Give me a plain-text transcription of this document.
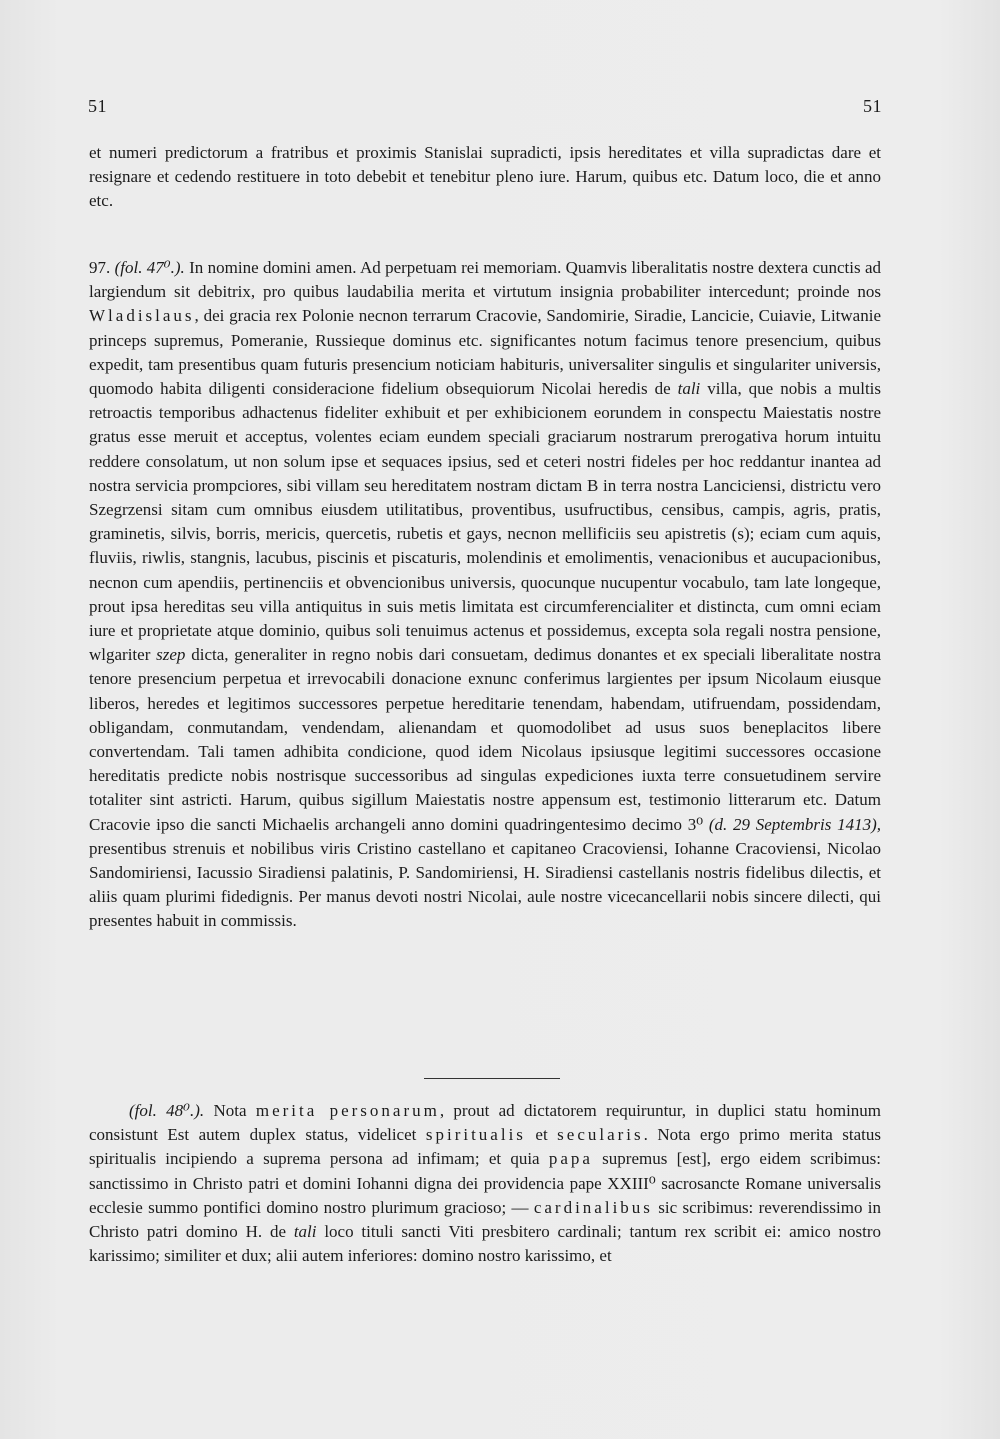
51	51

et numeri predictorum a fratribus et proximis Stanislai supradicti, ipsis hereditates et villa supradictas dare et resignare et cedendo restituere in toto debebit et tenebitur pleno iure. Harum, quibus etc. Datum loco, die et anno etc.

97. (fol. 47⁰.). In nomine domini amen. Ad perpetuam rei memoriam. Quamvis liberalitatis nostre dextera cunctis ad largiendum sit debitrix, pro quibus laudabilia merita et virtutum insignia probabiliter intercedunt; proinde nos Wladislaus, dei gracia rex Polonie necnon terrarum Cracovie, Sandomirie, Siradie, Lancicie, Cuiavie, Litwanie princeps supremus, Pomeranie, Russieque dominus etc. significantes notum facimus tenore presencium, quibus expedit, tam presentibus quam futuris presencium noticiam habituris, universaliter singulis et singulariter universis, quomodo habita diligenti consideracione fidelium obsequiorum Nicolai heredis de tali villa, que nobis a multis retroactis temporibus adhactenus fideliter exhibuit et per exhibicionem eorundem in conspectu Maiestatis nostre gratus esse meruit et acceptus, volentes eciam eundem speciali graciarum nostrarum prerogativa horum intuitu reddere consolatum, ut non solum ipse et sequaces ipsius, sed et ceteri nostri fideles per hoc reddantur inantea ad nostra servicia prompciores, sibi villam seu hereditatem nostram dictam B in terra nostra Lanciciensi, districtu vero Szegrzensi sitam cum omnibus eiusdem utilitatibus, proventibus, usufructibus, censibus, campis, agris, pratis, graminetis, silvis, borris, mericis, quercetis, rubetis et gays, necnon mellificiis seu apistretis (s); eciam cum aquis, fluviis, riwlis, stangnis, lacubus, piscinis et piscaturis, molendinis et emolimentis, venacionibus et aucupacionibus, necnon cum apendiis, pertinenciis et obvencionibus universis, quocunque nucupentur vocabulo, tam late longeque, prout ipsa hereditas seu villa antiquitus in suis metis limitata est circumferencialiter et distincta, cum omni eciam iure et proprietate atque dominio, quibus soli tenuimus actenus et possidemus, excepta sola regali nostra pensione, wlgariter szep dicta, generaliter in regno nobis dari consuetam, dedimus donantes et ex speciali liberalitate nostra tenore presencium perpetua et irrevocabili donacione exnunc conferimus largientes per ipsum Nicolaum eiusque liberos, heredes et legitimos successores perpetue hereditarie tenendam, habendam, utifruendam, possidendam, obligandam, conmutandam, vendendam, alienandam et quomodolibet ad usus suos beneplacitos libere convertendam. Tali tamen adhibita condicione, quod idem Nicolaus ipsiusque legitimi successores occasione hereditatis predicte nobis nostrisque successoribus ad singulas expediciones iuxta terre consuetudinem servire totaliter sint astricti. Harum, quibus sigillum Maiestatis nostre appensum est, testimonio litterarum etc. Datum Cracovie ipso die sancti Michaelis archangeli anno domini quadringentesimo decimo 3⁰ (d. 29 Septembris 1413), presentibus strenuis et nobilibus viris Cristino castellano et capitaneo Cracoviensi, Iohanne Cracoviensi, Nicolao Sandomiriensi, Iacussio Siradiensi palatinis, P. Sandomiriensi, H. Siradiensi castellanis nostris fidelibus dilectis, et aliis quam plurimi fidedignis. Per manus devoti nostri Nicolai, aule nostre vicecancellarii nobis sincere dilecti, qui presentes habuit in commissis.

(fol. 48⁰.). Nota merita personarum, prout ad dictatorem requiruntur, in duplici statu hominum consistunt Est autem duplex status, videlicet spiritualis et secularis. Nota ergo primo merita status spiritualis incipiendo a suprema persona ad infimam; et quia papa supremus [est], ergo eidem scribimus: sanctissimo in Christo patri et domini Iohanni digna dei providencia pape XXIII⁰ sacrosancte Romane universalis ecclesie summo pontifici domino nostro plurimum gracioso; — cardinalibus sic scribimus: reverendissimo in Christo patri domino H. de tali loco tituli sancti Viti presbitero cardinali; tantum rex scribit ei: amico nostro karissimo; similiter et dux; alii autem inferiores: domino nostro karissimo, et
